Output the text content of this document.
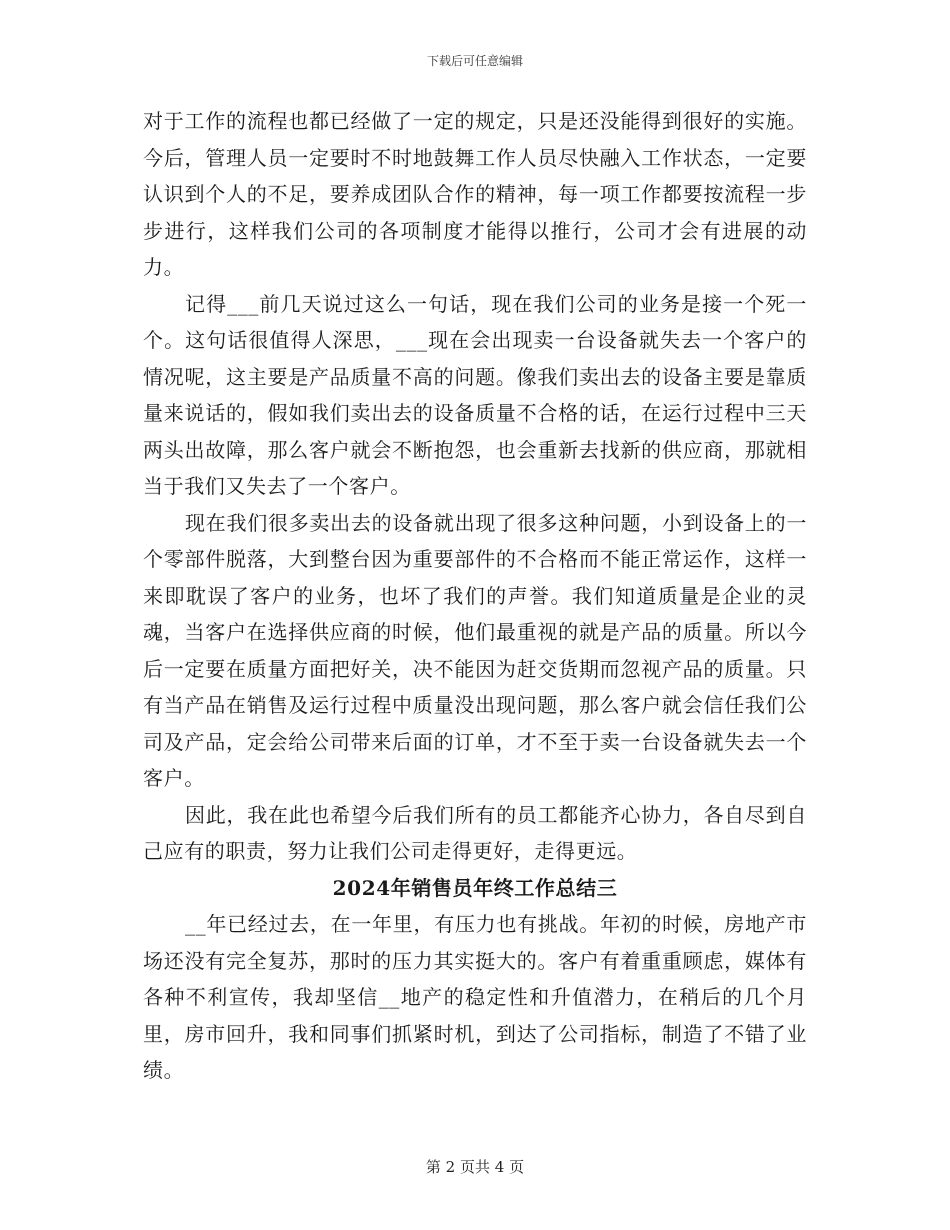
下载后可任意编辑

对于工作的流程也都已经做了一定的规定，只是还没能得到很好的实施。今后，管理人员一定要时不时地鼓舞工作人员尽快融入工作状态，一定要认识到个人的不足，要养成团队合作的精神，每一项工作都要按流程一步步进行，这样我们公司的各项制度才能得以推行，公司才会有进展的动力。

记得___前几天说过这么一句话，现在我们公司的业务是接一个死一个。这句话很值得人深思，___现在会出现卖一台设备就失去一个客户的情况呢，这主要是产品质量不高的问题。像我们卖出去的设备主要是靠质量来说话的，假如我们卖出去的设备质量不合格的话，在运行过程中三天两头出故障，那么客户就会不断抱怨，也会重新去找新的供应商，那就相当于我们又失去了一个客户。

现在我们很多卖出去的设备就出现了很多这种问题，小到设备上的一个零部件脱落，大到整台因为重要部件的不合格而不能正常运作，这样一来即耽误了客户的业务，也坏了我们的声誉。我们知道质量是企业的灵魂，当客户在选择供应商的时候，他们最重视的就是产品的质量。所以今后一定要在质量方面把好关，决不能因为赶交货期而忽视产品的质量。只有当产品在销售及运行过程中质量没出现问题，那么客户就会信任我们公司及产品，定会给公司带来后面的订单，才不至于卖一台设备就失去一个客户。

因此，我在此也希望今后我们所有的员工都能齐心协力，各自尽到自己应有的职责，努力让我们公司走得更好，走得更远。

2024年销售员年终工作总结三

__年已经过去，在一年里，有压力也有挑战。年初的时候，房地产市场还没有完全复苏，那时的压力其实挺大的。客户有着重重顾虑，媒体有各种不利宣传，我却坚信__地产的稳定性和升值潜力，在稍后的几个月里，房市回升，我和同事们抓紧时机，到达了公司指标，制造了不错了业绩。

第 2 页共 4 页
